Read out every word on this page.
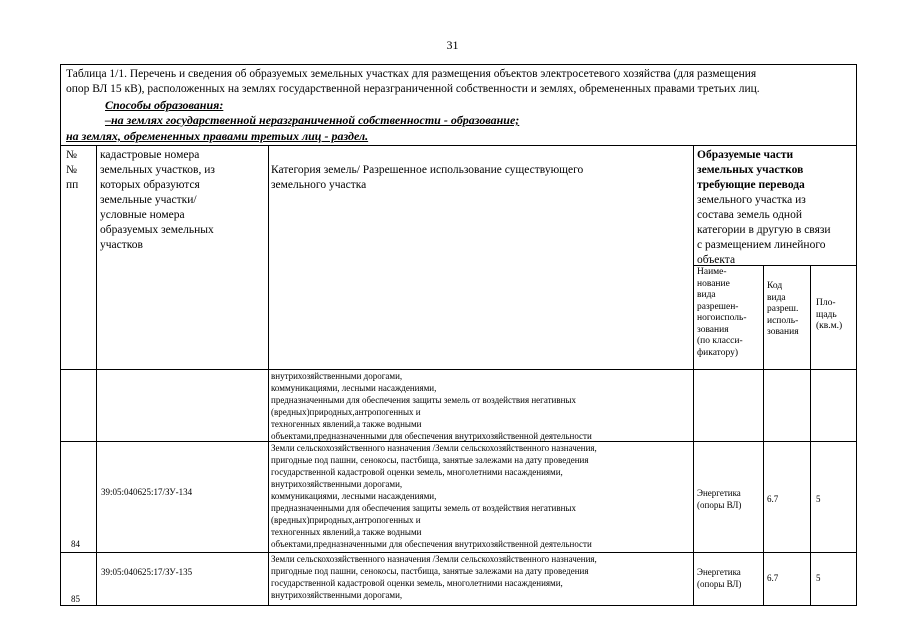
31
Таблица 1/1. Перечень и сведения об образуемых земельных участках для размещения объектов электросетевого хозяйства (для размещения
опор ВЛ 15 кВ), расположенных на землях государственной неразграниченной собственности и землях, обремененных правами третьих лиц.
Способы образования:
–на землях государственной неразграниченной собственности - образование;
на землях, обремененных правами третьих лиц - раздел.
№
№
пп
кадастровые номера
земельных участков, из
которых образуются
земельные участки/
условные номера
образуемых земельных
участков
Категория земель/ Разрешенное использование существующего
земельного участка
Образуемые части
земельных участков
требующие перевода
земельного участка из
состава земель одной
категории в другую в связи
с размещением линейного
объекта
Наиме-
нование
вида
разрешен-
ногоисполь-
зования
(по класси-
фикатору)
Код
вида
разреш.
исполь-
зования
Пло-
щадь
(кв.м.)
внутрихозяйственными дорогами,
коммуникациями, лесными насаждениями,
предназначенными для обеспечения защиты земель от воздействия негативных
(вредных)природных,антропогенных и
техногенных явлений,а также водными
объектами,предназначенными для обеспечения внутрихозяйственной деятельности
84
39:05:040625:17/ЗУ-134
Земли сельскохозяйственного назначения /Земли сельскохозяйственного назначения,
пригодные под пашни, сенокосы, пастбища, занятые залежами на дату проведения
государственной кадастровой оценки земель, многолетними насаждениями,
внутрихозяйственными дорогами,
коммуникациями, лесными насаждениями,
предназначенными для обеспечения защиты земель от воздействия негативных
(вредных)природных,антропогенных и
техногенных явлений,а также водными
объектами,предназначенными для обеспечения внутрихозяйственной деятельности
Энергетика
(опоры ВЛ)
6.7	5
85
39:05:040625:17/ЗУ-135
Земли сельскохозяйственного назначения /Земли сельскохозяйственного назначения,
пригодные под пашни, сенокосы, пастбища, занятые залежами на дату проведения
государственной кадастровой оценки земель, многолетними насаждениями,
внутрихозяйственными дорогами,
Энергетика
(опоры ВЛ)
6.7	5
